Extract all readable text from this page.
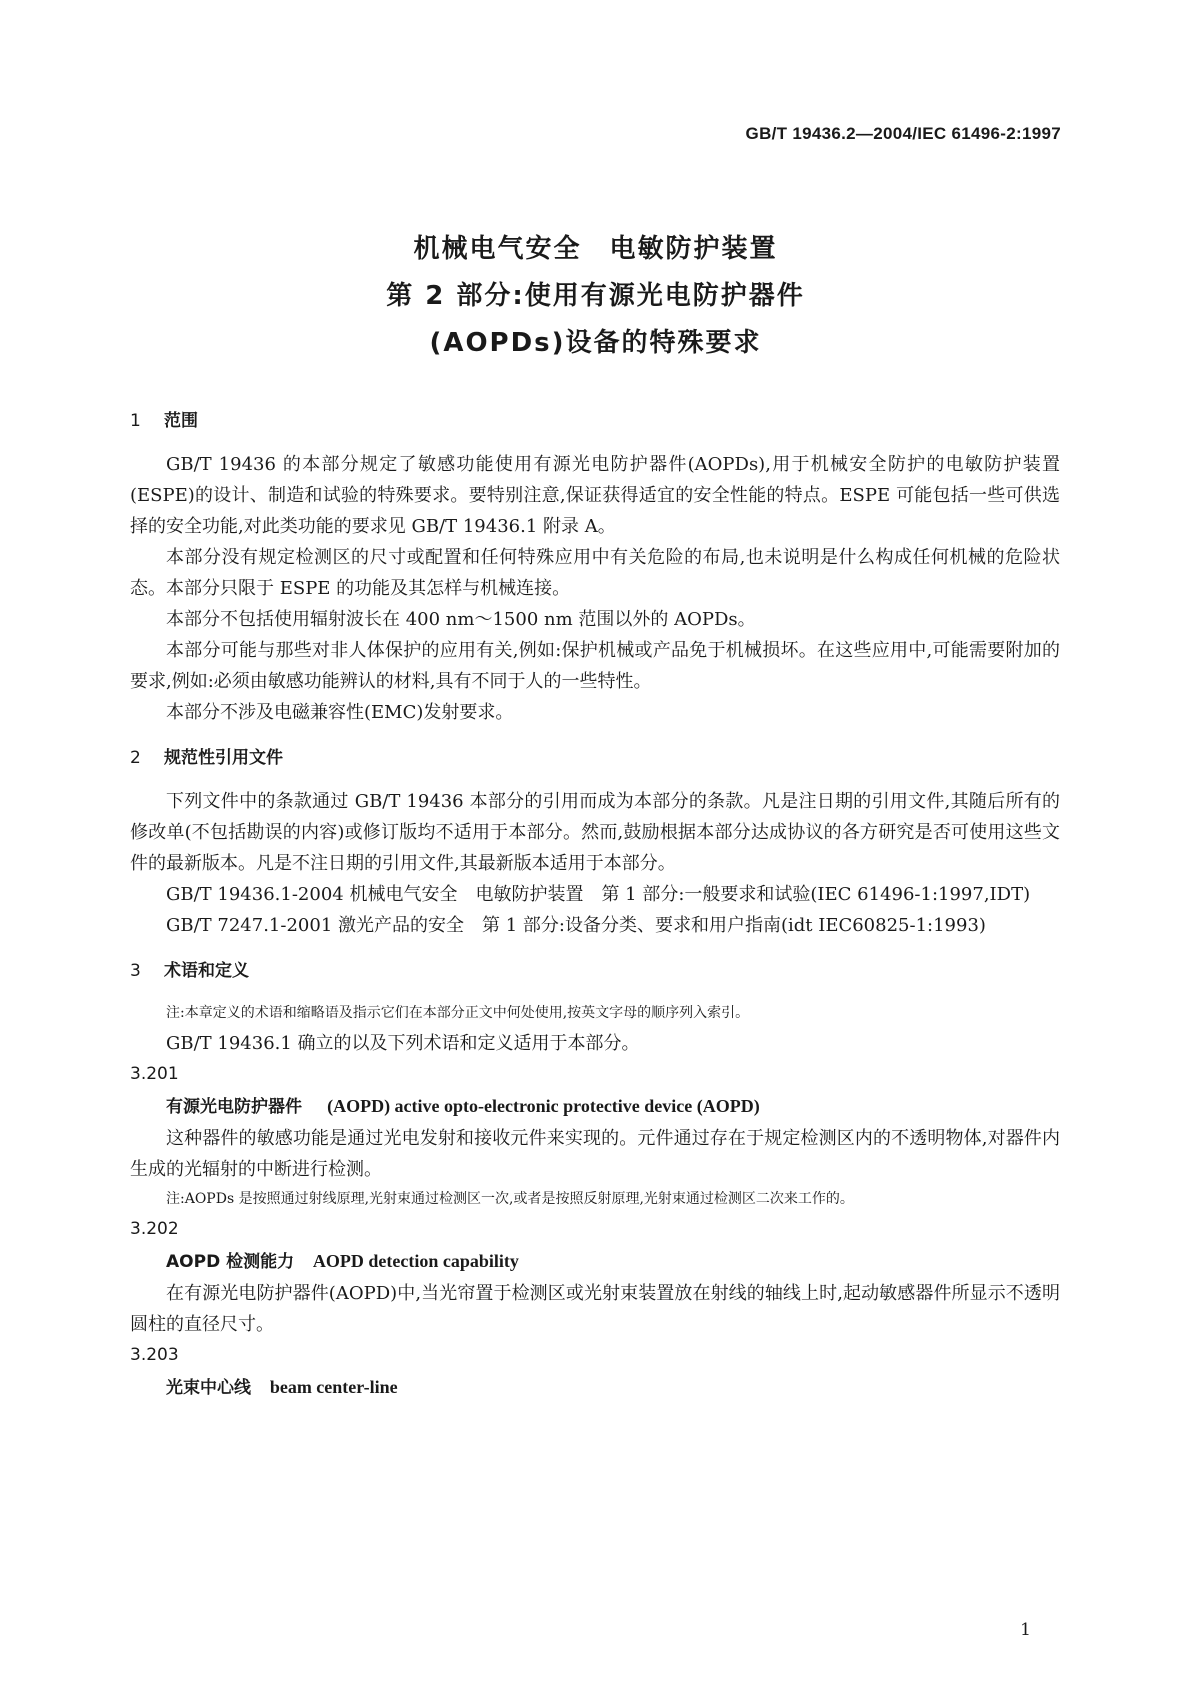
GB/T 19436.2—2004/IEC 61496-2:1997
机械电气安全　电敏防护装置
第 2 部分:使用有源光电防护器件
(AOPDs)设备的特殊要求
1 范围

GB/T 19436 的本部分规定了敏感功能使用有源光电防护器件(AOPDs),用于机械安全防护的电敏防护装置(ESPE)的设计、制造和试验的特殊要求。要特别注意,保证获得适宜的安全性能的特点。ESPE 可能包括一些可供选择的安全功能,对此类功能的要求见 GB/T 19436.1 附录 A。

本部分没有规定检测区的尺寸或配置和任何特殊应用中有关危险的布局,也未说明是什么构成任何机械的危险状态。本部分只限于 ESPE 的功能及其怎样与机械连接。

本部分不包括使用辐射波长在 400 nm～1500 nm 范围以外的 AOPDs。

本部分可能与那些对非人体保护的应用有关,例如:保护机械或产品免于机械损坏。在这些应用中,可能需要附加的要求,例如:必须由敏感功能辨认的材料,具有不同于人的一些特性。

本部分不涉及电磁兼容性(EMC)发射要求。

2 规范性引用文件

下列文件中的条款通过 GB/T 19436 本部分的引用而成为本部分的条款。凡是注日期的引用文件,其随后所有的修改单(不包括勘误的内容)或修订版均不适用于本部分。然而,鼓励根据本部分达成协议的各方研究是否可使用这些文件的最新版本。凡是不注日期的引用文件,其最新版本适用于本部分。

GB/T 19436.1-2004 机械电气安全　电敏防护装置　第 1 部分:一般要求和试验(IEC 61496-1:1997,IDT)

GB/T 7247.1-2001 激光产品的安全　第 1 部分:设备分类、要求和用户指南(idt IEC60825-1:1993)

3 术语和定义

注:本章定义的术语和缩略语及指示它们在本部分正文中何处使用,按英文字母的顺序列入索引。

GB/T 19436.1 确立的以及下列术语和定义适用于本部分。

3.201

有源光电防护器件 (AOPD) active opto-electronic protective device (AOPD)

这种器件的敏感功能是通过光电发射和接收元件来实现的。元件通过存在于规定检测区内的不透明物体,对器件内生成的光辐射的中断进行检测。

注:AOPDs 是按照通过射线原理,光射束通过检测区一次,或者是按照反射原理,光射束通过检测区二次来工作的。

3.202

AOPD 检测能力 AOPD detection capability

在有源光电防护器件(AOPD)中,当光帘置于检测区或光射束装置放在射线的轴线上时,起动敏感器件所显示不透明圆柱的直径尺寸。

3.203

光束中心线 beam center-line

1
